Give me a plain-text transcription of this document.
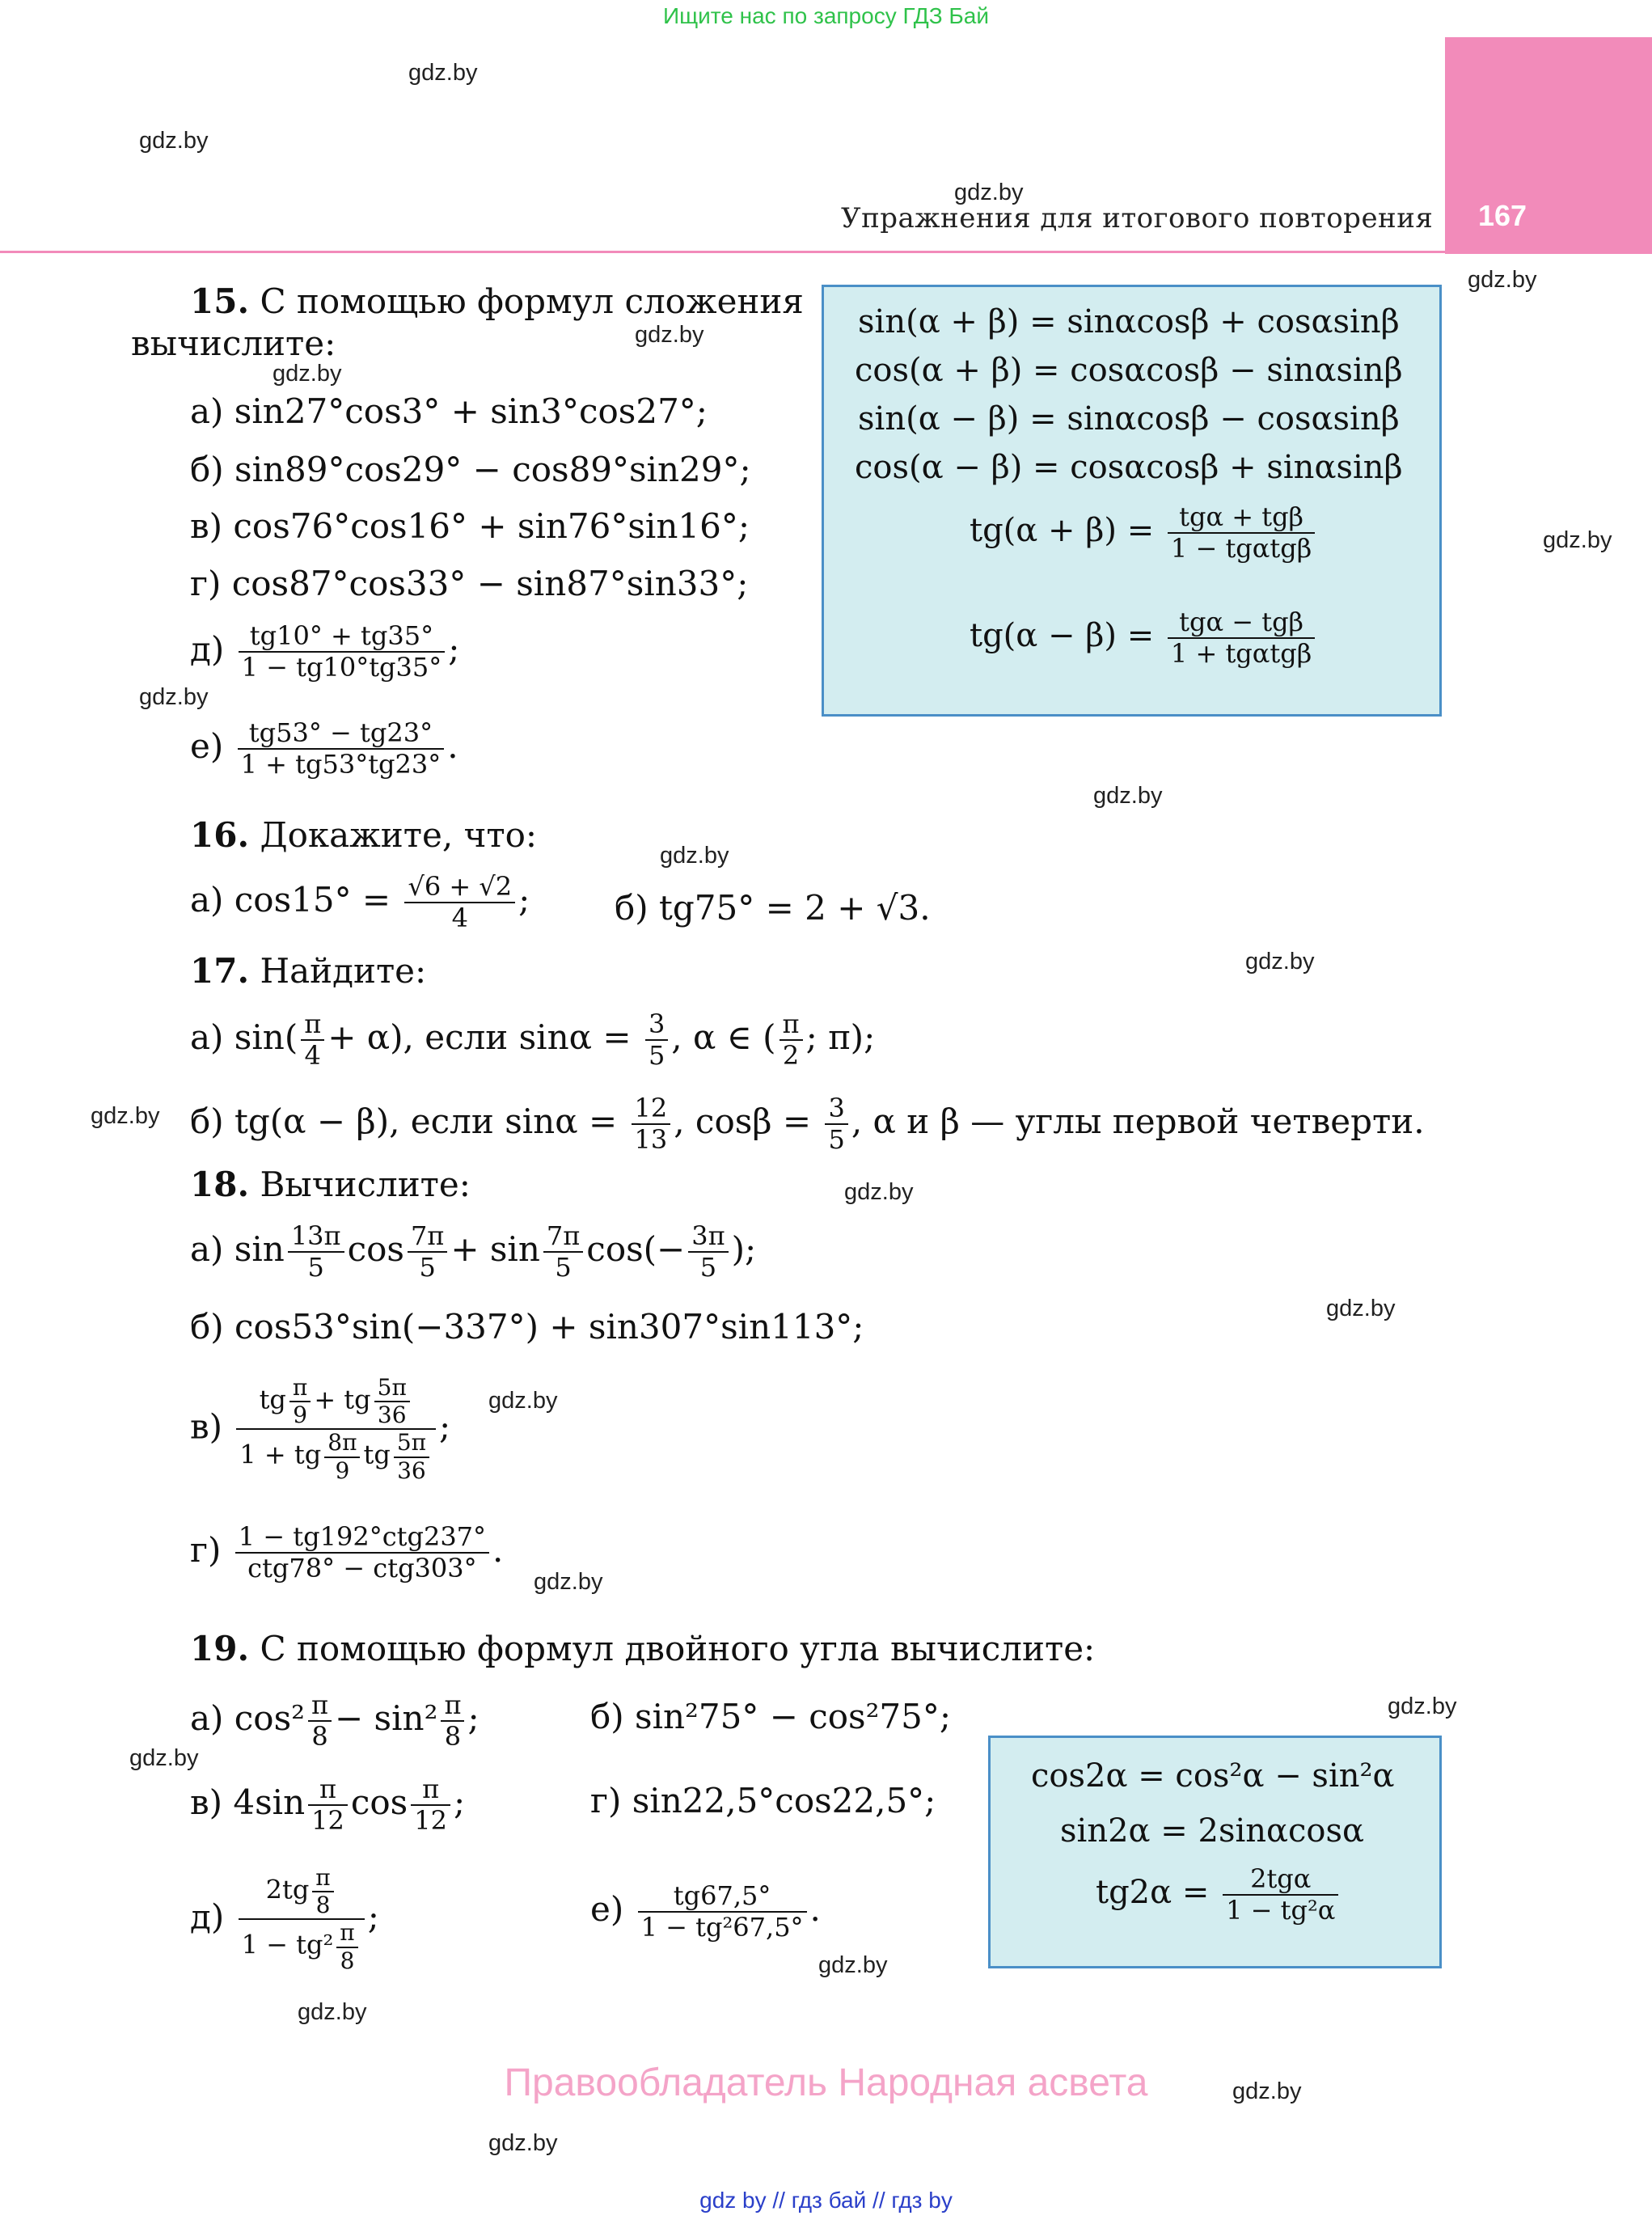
Ищите нас по запросу ГДЗ Бай
167
Упражнения для итогового повторения
gdz.by
gdz.by
gdz.by
gdz.by
gdz.by
gdz.by
gdz.by
gdz.by
gdz.by
gdz.by
gdz.by
gdz.by
gdz.by
gdz.by
gdz.by
gdz.by
gdz.by
gdz.by
gdz.by
gdz.by
gdz.by
gdz.by
15. С помощью формул сложения
вычислите:
а) sin27°cos3° + sin3°cos27°;
б) sin89°cos29° − cos89°sin29°;
в) cos76°cos16° + sin76°sin16°;
г) cos87°cos33° − sin87°sin33°;
$д) \frac{tg10^\circ + tg35^\circ}{1 - tg10^\circ tg35^\circ}$ ;
$е) \frac{tg53^\circ - tg23^\circ}{1 + tg53^\circ tg23^\circ}$ .
sin(α + β) = sinαcosβ + cosαsinβ
cos(α + β) = cosαcosβ − sinαsinβ
sin(α − β) = sinαcosβ − cosαsinβ
cos(α − β) = cosαcosβ + sinαsinβ
$tg(\alpha + \beta) = \frac{\text{tgα + tgβ}}{\text{1 − tgαtgβ}}$
$tg(\alpha - \beta) = \frac{\text{tgα − tgβ}}{\text{1 + tgαtgβ}}$
16. Докажите, что:
а) $\cos 15^\circ = \frac{√6 + √2}{4}$ ; б) tg75° = 2 + √3.
17. Найдите:
а) $\sin( \frac{\pi}{4} + \alpha)$, если $\sin\alpha = \frac{3}{5}$ , α ∈ ( $\frac{\pi}{2}$ ; π);
б) tg(α − β), если $\sin\alpha = \frac{12}{13}$ , $\cos\beta = \frac{3}{5}$ , α и β — углы первой четверти.
18. Вычислите:
а) $\sin \frac{13\pi}{5}$ $\cos \frac{7\pi}{5} + \sin \frac{7\pi}{5} \cos(- \frac{3\pi}{5}$ );
б) cos53°sin(−337°) + sin307°sin113°;
$в) \frac{tg \frac{\pi}{9} + tg \frac{5\pi}{36}}{1 + tg \frac{8\pi}{9} tg \frac{5\pi}{36}}$ ;
$г) \frac{\text{1 − tg192°ctg237°}}{\text{ctg78° − ctg303°}}$ .
19. С помощью формул двойного угла вычислите:
а) $\cos^2 \frac{\pi}{8} - \sin^2 \frac{\pi}{8}$ ;	б) sin²75° − cos²75°;
в) $4\sin \frac{\pi}{12}$ $\cos \frac{\pi}{12}$ ;	г) sin22,5°cos22,5°;
$д) \frac{2tg \frac{\pi}{8}}{1 - tg^2 \frac{\pi}{8}}$ ;	$е) \frac{tg67,5^\circ}{\text{1 − tg²67,5°}}$ .
cos2α = cos²α − sin²α
sin2α = 2sinαcosα
$tg2\alpha = \frac{\text{2tgα}}{\text{1 − tg²α}}$
Правообладатель Народная асвета
gdz by // гдз бай // гдз by
